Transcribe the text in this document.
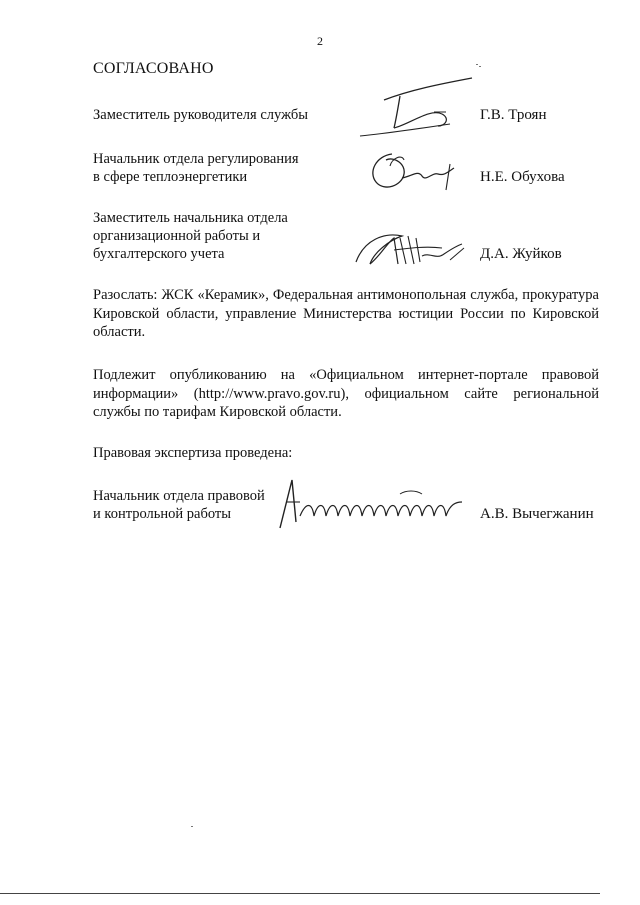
2
СОГЛАСОВАНО
Заместитель руководителя службы	Г.В. Троян
Начальник отдела регулирования
в сфере теплоэнергетики	Н.Е. Обухова
Заместитель начальника отдела
организационной работы и
бухгалтерского учета	Д.А. Жуйков
Разослать: ЖСК «Керамик», Федеральная антимонопольная служба, прокуратура Кировской области, управление Министерства юстиции России по Кировской области.
Подлежит опубликованию на «Официальном интернет-портале правовой информации» (http://www.pravo.gov.ru), официальном сайте региональной службы по тарифам Кировской области.
Правовая экспертиза проведена:
Начальник отдела правовой
и контрольной работы	А.В. Вычегжанин
